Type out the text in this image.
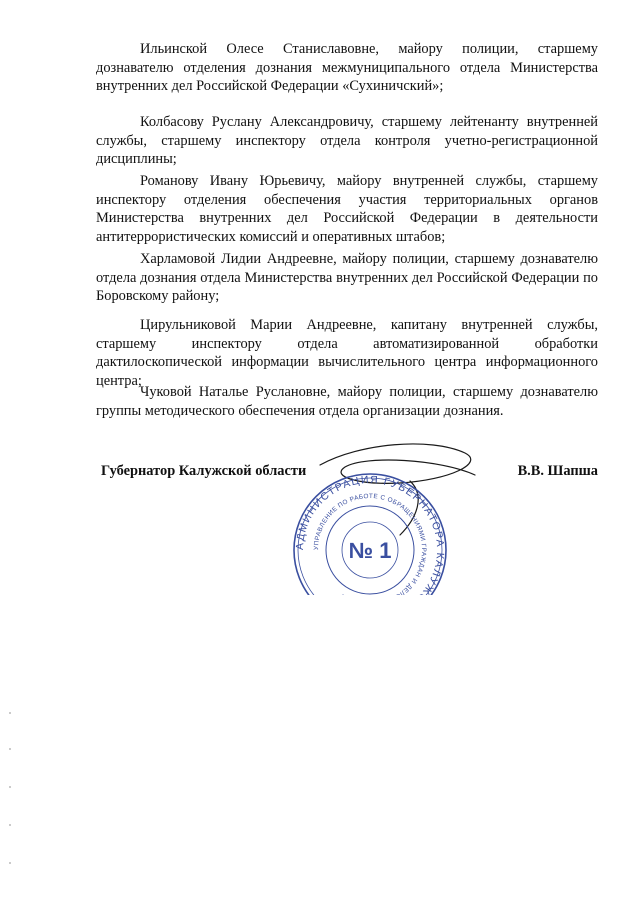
Ильинской Олесе Станиславовне, майору полиции, старшему дознавателю отделения дознания межмуниципального отдела Министерства внутренних дел Российской Федерации «Сухиничский»;

Колбасову Руслану Александровичу, старшему лейтенанту внутренней службы, старшему инспектору отдела контроля учетно-регистрационной дисциплины;

Романову Ивану Юрьевичу, майору внутренней службы, старшему инспектору отделения обеспечения участия территориальных органов Министерства внутренних дел Российской Федерации в деятельности антитеррористических комиссий и оперативных штабов;

Харламовой Лидии Андреевне, майору полиции, старшему дознавателю отдела дознания отдела Министерства внутренних дел Российской Федерации по Боровскому району;

Цирульниковой Марии Андреевне, капитану внутренней службы, старшему инспектору отдела автоматизированной обработки дактилоскопической информации вычислительного центра информационного центра;

Чуковой Наталье Руслановне, майору полиции, старшему дознавателю группы методического обеспечения отдела организации дознания.

АДМИНИСТРАЦИЯ ГУБЕРНАТОРА КАЛУЖ
УПРАВЛЕНИЕ ПО РАБОТЕ С ОБРАЩЕНИЯМИ ГРАЖДАН И ДЕЛ
№ 1
Губернатор Калужской области	В.В. Шапша
